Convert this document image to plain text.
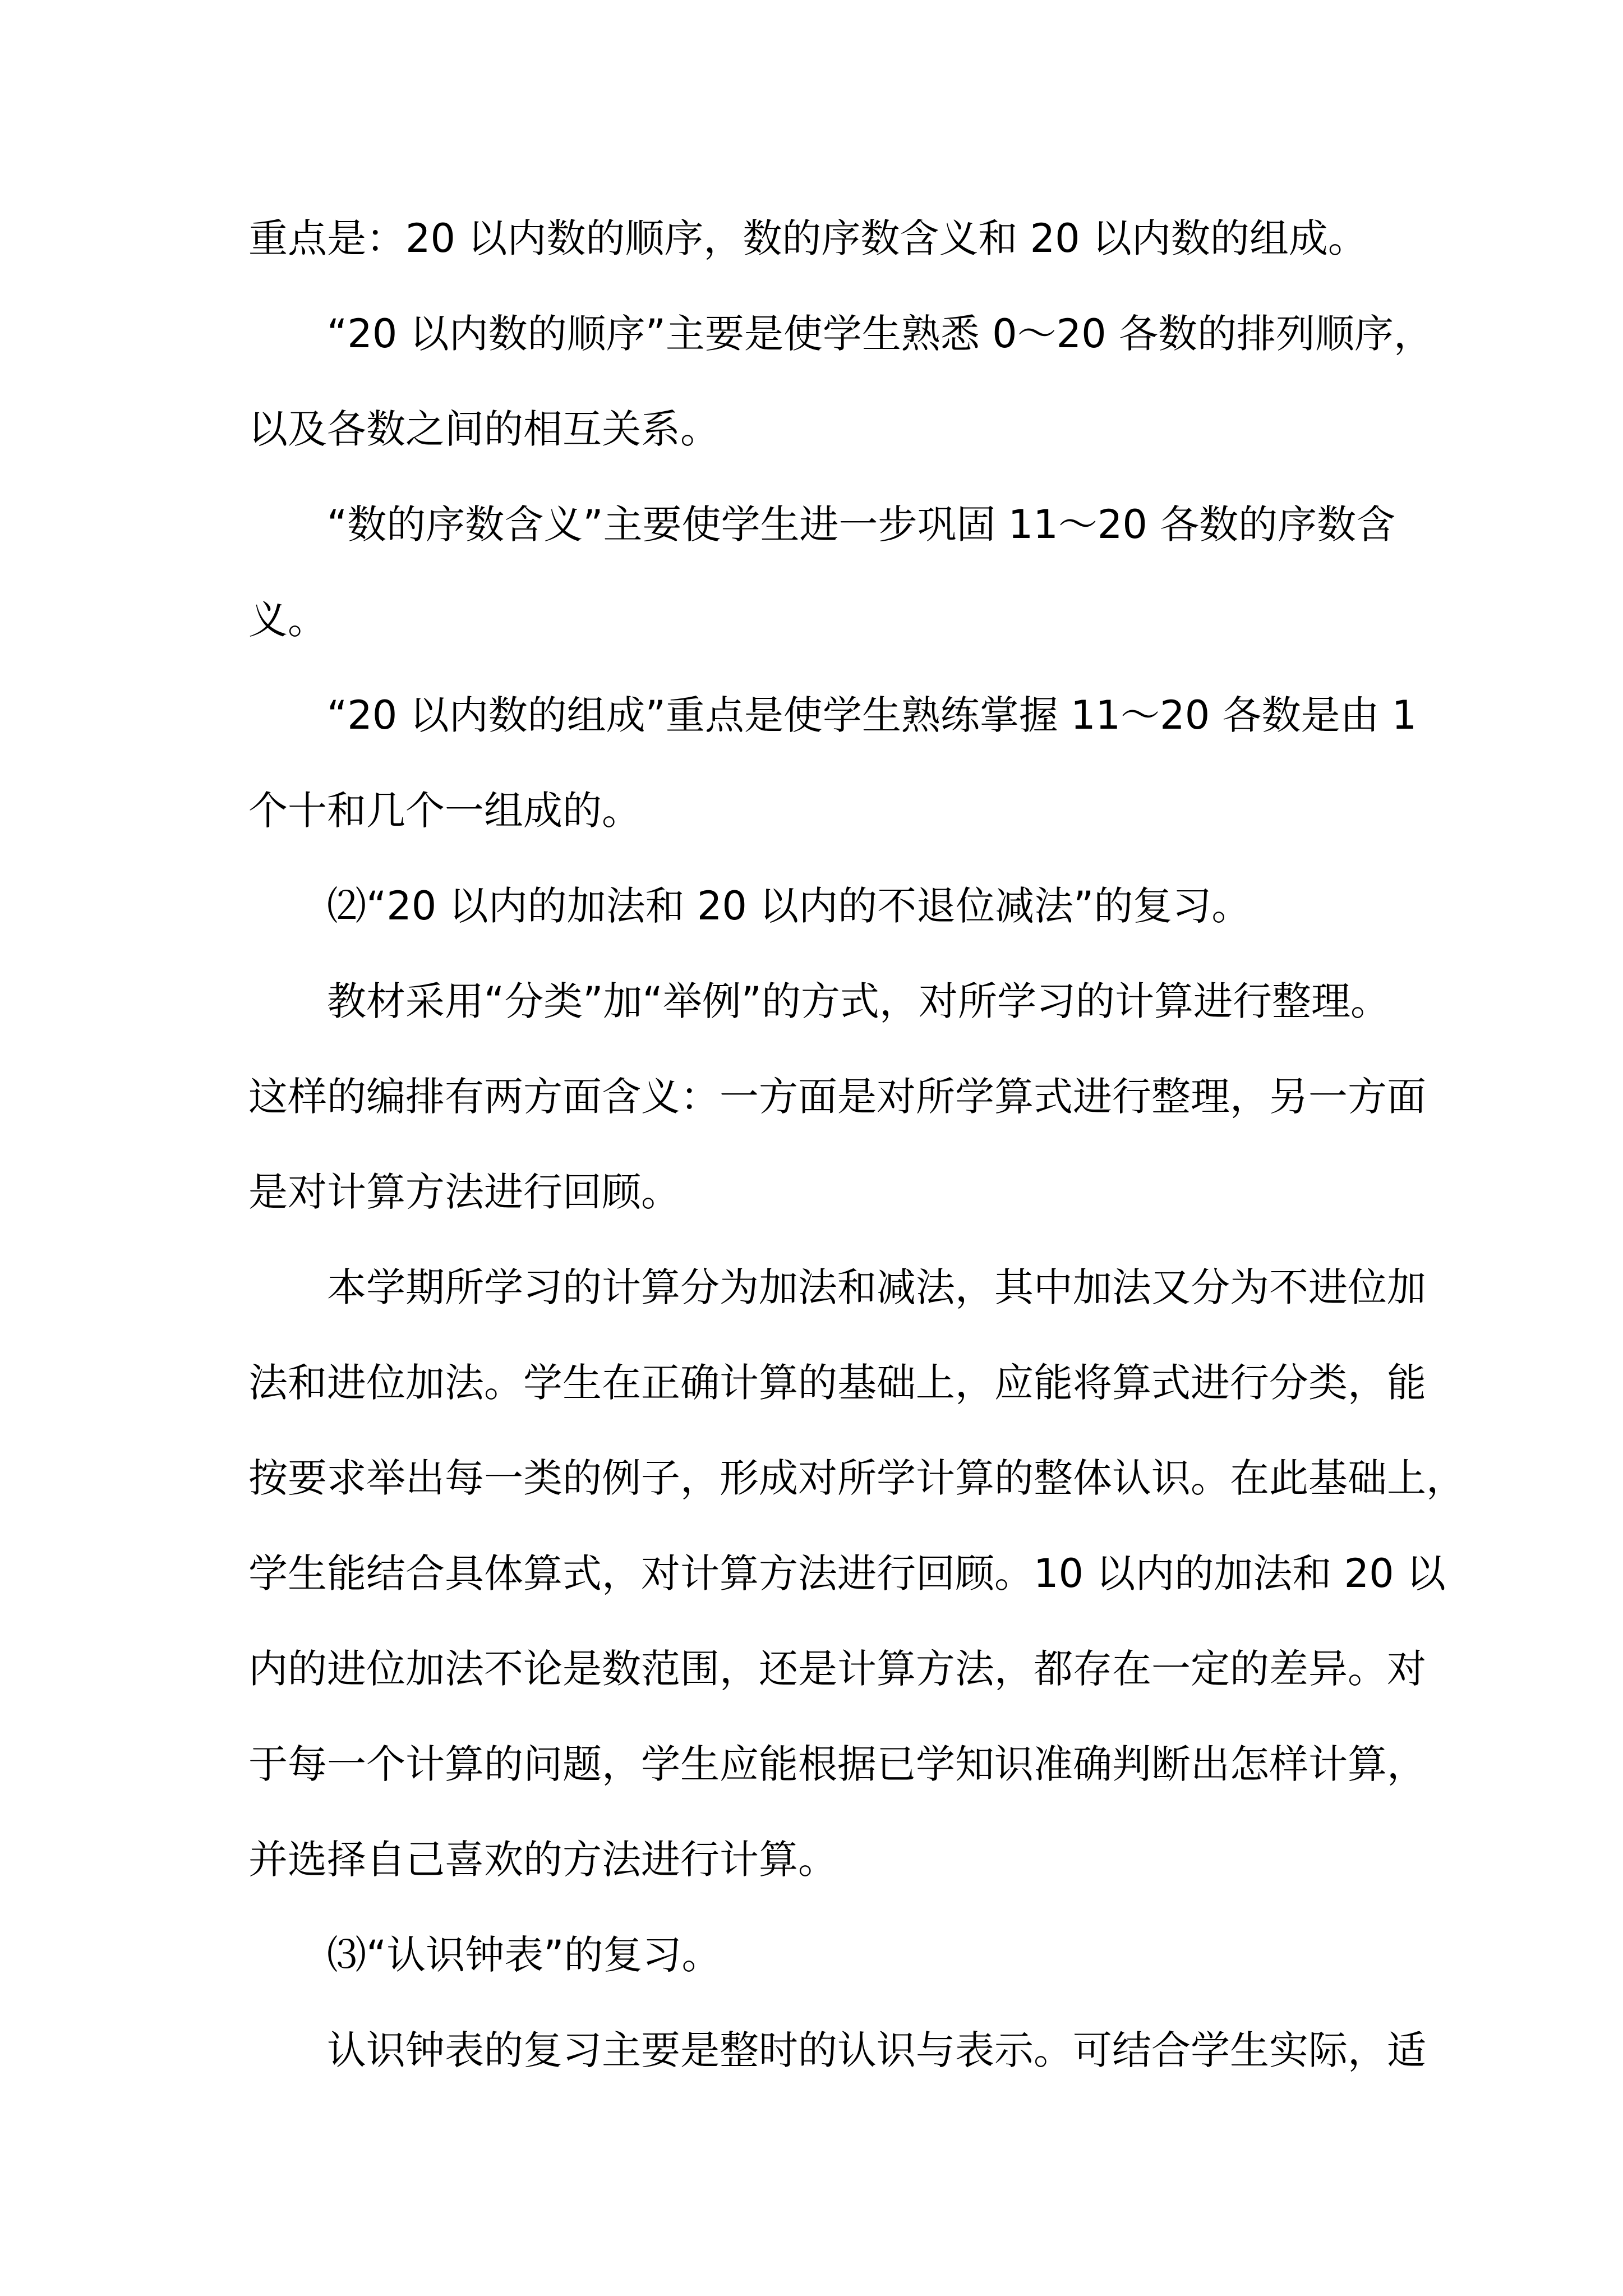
重点是：20 以内数的顺序，数的序数含义和 20 以内数的组成。
“20 以内数的顺序”主要是使学生熟悉 0～20 各数的排列顺序，
以及各数之间的相互关系。
“数的序数含义”主要使学生进一步巩固 11～20 各数的序数含
义。
“20 以内数的组成”重点是使学生熟练掌握 11～20 各数是由 1
个十和几个一组成的。
⑵“20 以内的加法和 20 以内的不退位减法”的复习。
教材采用“分类”加“举例”的方式，对所学习的计算进行整理。
这样的编排有两方面含义：一方面是对所学算式进行整理，另一方面
是对计算方法进行回顾。
本学期所学习的计算分为加法和减法，其中加法又分为不进位加
法和进位加法。学生在正确计算的基础上，应能将算式进行分类，能
按要求举出每一类的例子，形成对所学计算的整体认识。在此基础上，
学生能结合具体算式，对计算方法进行回顾。10 以内的加法和 20 以
内的进位加法不论是数范围，还是计算方法，都存在一定的差异。对
于每一个计算的问题，学生应能根据已学知识准确判断出怎样计算，
并选择自己喜欢的方法进行计算。
⑶“认识钟表”的复习。
认识钟表的复习主要是整时的认识与表示。可结合学生实际，适
